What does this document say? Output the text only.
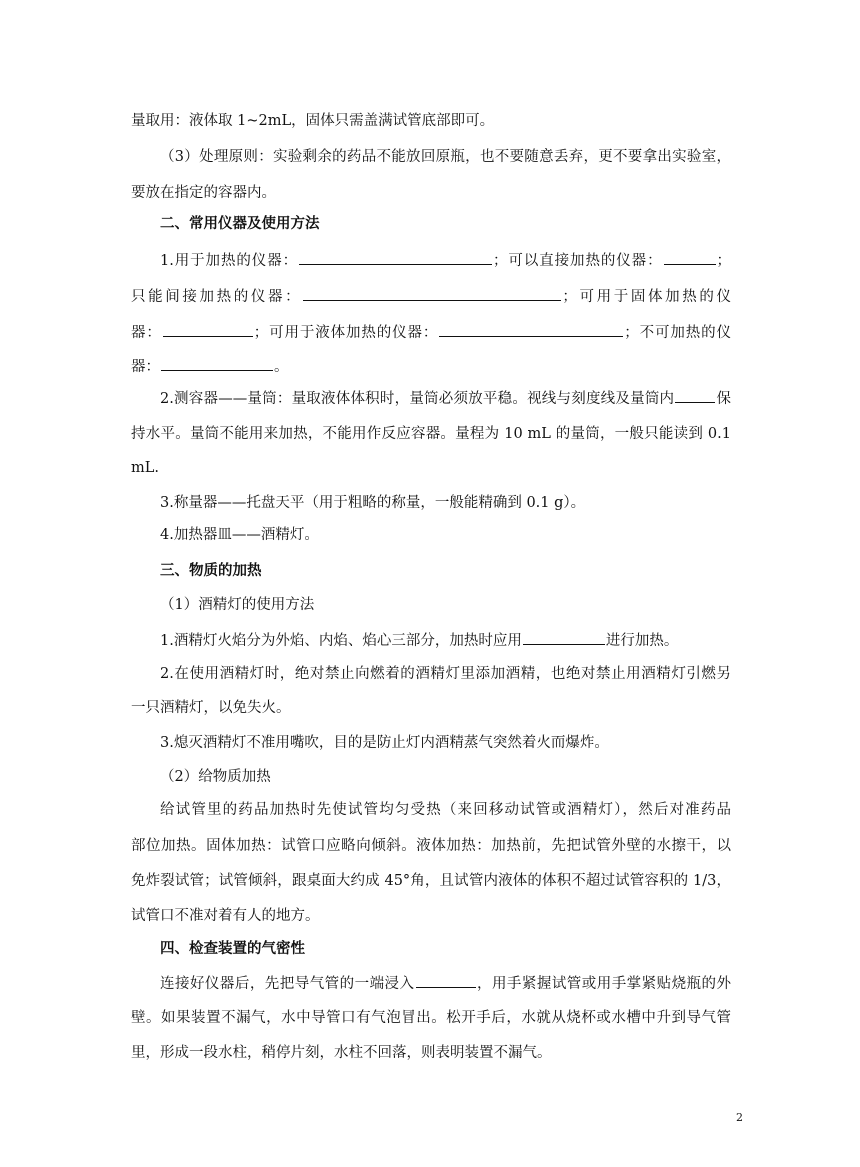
量取用：液体取 1~2mL，固体只需盖满试管底部即可。
（3）处理原则：实验剩余的药品不能放回原瓶，也不要随意丢弃，更不要拿出实验室，
要放在指定的容器内。
二、常用仪器及使用方法
1.用于加热的仪器：	；可以直接加热的仪器：	；
只能间接加热的仪器：	；可用于固体加热的仪
器：	；可用于液体加热的仪器：	；不可加热的仪
器：	。
2.测容器——量筒：量取液体体积时，量筒必须放平稳。视线与刻度线及量筒内	保
持水平。量筒不能用来加热，不能用作反应容器。量程为 10 mL 的量筒，一般只能读到 0.1
mL.
3.称量器——托盘天平（用于粗略的称量，一般能精确到 0.1 g）。
4.加热器皿——酒精灯。
三、物质的加热
（1）酒精灯的使用方法
1.酒精灯火焰分为外焰、内焰、焰心三部分，加热时应用	进行加热。
2.在使用酒精灯时，绝对禁止向燃着的酒精灯里添加酒精，也绝对禁止用酒精灯引燃另
一只酒精灯，以免失火。
3.熄灭酒精灯不准用嘴吹，目的是防止灯内酒精蒸气突然着火而爆炸。
（2）给物质加热
给试管里的药品加热时先使试管均匀受热（来回移动试管或酒精灯），然后对准药品
部位加热。固体加热：试管口应略向倾斜。液体加热：加热前，先把试管外壁的水擦干，以
免炸裂试管；试管倾斜，跟桌面大约成 45°角，且试管内液体的体积不超过试管容积的 1/3，
试管口不准对着有人的地方。
四、检查装置的气密性
连接好仪器后，先把导气管的一端浸入	，用手紧握试管或用手掌紧贴烧瓶的外
壁。如果装置不漏气，水中导管口有气泡冒出。松开手后，水就从烧杯或水槽中升到导气管
里，形成一段水柱，稍停片刻，水柱不回落，则表明装置不漏气。
2
